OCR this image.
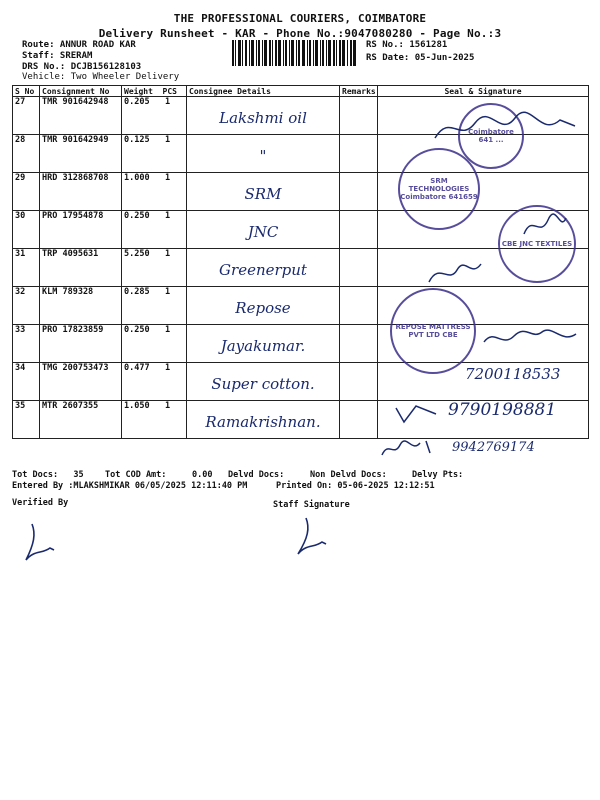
THE PROFESSIONAL COURIERS, COIMBATORE
Delivery Runsheet - KAR - Phone No.:9047080280 - Page No.:3
Route: ANNUR ROAD KAR
Staff: SRERAM
DRS No.: DCJB156128103
Vehicle: Two Wheeler Delivery
RS No.: 1561281
RS Date: 05-Jun-2025
S No	Consignment No	Weight PCS	Consignee Details	Remarks	Seal & Signature
27	TMR 901642948	0.205 1	Lakshmi oil		

28	TMR 901642949	0.125 1	"		

29	HRD 312868708	1.000 1	SRM		

30	PRO 17954878	0.250 1	JNC		

31	TRP 4095631	5.250 1	Greenerput		

32	KLM 789328	0.285 1	Repose		

33	PRO 17823859	0.250 1	Jayakumar.		

34	TMG 200753473	0.477 1	Super cotton.		

35	MTR 2607355	1.050 1	Ramakrishnan.		

Coimbatore 641 ...
SRM TECHNOLOGIES Coimbatore 641659
CBE JNC TEXTILES
REPOSE MATTRESS PVT LTD CBE
7200118533
9790198881
9942769174
Tot Docs: 35	Tot COD Amt:	0.00 Delvd Docs:	Non Delvd Docs:	Delvy Pts:
Entered By :MLAKSHMIKAR 06/05/2025 12:11:40 PM	Printed On: 05-06-2025 12:12:51
Verified By	Staff Signature
